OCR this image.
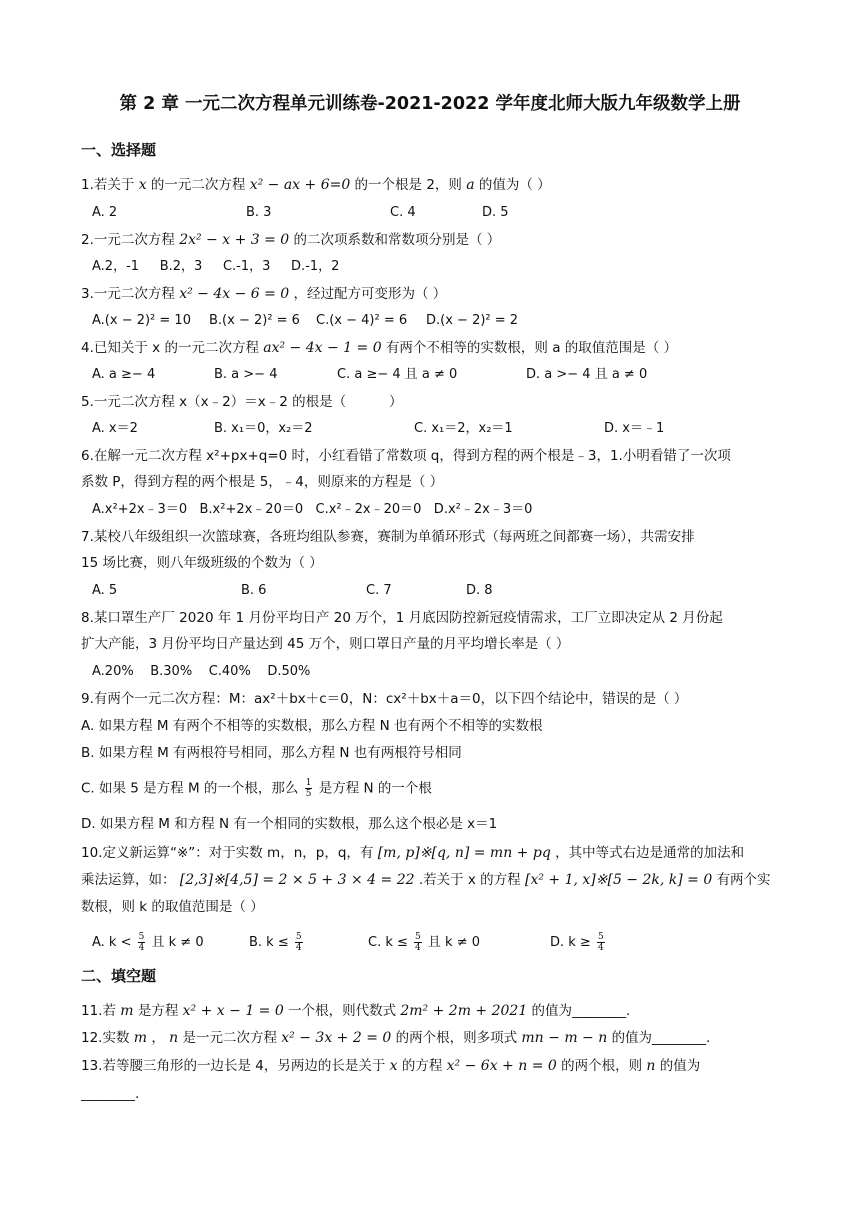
第 2 章 一元二次方程单元训练卷-2021-2022 学年度北师大版九年级数学上册
一、选择题
1.若关于 x 的一元二次方程 x² − ax + 6=0 的一个根是 2，则 a 的值为（ ）
A. 2	B. 3	C. 4	D. 5
2.一元二次方程 2x² − x + 3 = 0 的二次项系数和常数项分别是（ ）
A.2，-1     B.2，3     C.-1，3     D.-1，2
3.一元二次方程 x² − 4x − 6 = 0 ，经过配方可变形为（ ）
A.(x − 2)² = 10 B.(x − 2)² = 6 C.(x − 4)² = 6 D.(x − 2)² = 2
4.已知关于 x 的一元二次方程 ax² − 4x − 1 = 0 有两个不相等的实数根，则 a 的取值范围是（ ）
A. a ≥− 4	B. a >− 4	C. a ≥− 4 且 a ≠ 0	D. a >− 4 且 a ≠ 0
5.一元二次方程 x（x﹣2）＝x﹣2 的根是（          ）
A. x＝2	B. x₁＝0，x₂＝2	C. x₁＝2，x₂＝1	D. x＝﹣1
6.在解一元二次方程 x²+px+q=0 时，小红看错了常数项 q，得到方程的两个根是﹣3，1.小明看错了一次项
系数 P，得到方程的两个根是 5，﹣4，则原来的方程是（ ）
A.x²+2x﹣3＝0   B.x²+2x﹣20＝0   C.x²﹣2x﹣20＝0   D.x²﹣2x﹣3＝0
7.某校八年级组织一次篮球赛，各班均组队参赛，赛制为单循环形式（每两班之间都赛一场），共需安排
15 场比赛，则八年级班级的个数为（ ）
A. 5	B. 6	C. 7	D. 8
8.某口罩生产厂 2020 年 1 月份平均日产 20 万个，1 月底因防控新冠疫情需求，工厂立即决定从 2 月份起
扩大产能，3 月份平均日产量达到 45 万个，则口罩日产量的月平均增长率是（ ）
A.20%    B.30%    C.40%    D.50%
9.有两个一元二次方程：M：ax²＋bx＋c＝0，N：cx²＋bx＋a＝0，以下四个结论中，错误的是（ ）
A. 如果方程 M 有两个不相等的实数根，那么方程 N 也有两个不相等的实数根
B. 如果方程 M 有两根符号相同，那么方程 N 也有两根符号相同
C. 如果 5 是方程 M 的一个根，那么 $\frac{1}{5}$ 是方程 N 的一个根
D. 如果方程 M 和方程 N 有一个相同的实数根，那么这个根必是 x＝1
10.定义新运算“※”：对于实数 m，n，p，q，有 [m, p]※[q, n] = mn + pq ，其中等式右边是通常的加法和
乘法运算，如： [2,3]※[4,5] = 2 × 5 + 3 × 4 = 22 .若关于 x 的方程 [x² + 1, x]※[5 − 2k, k] = 0 有两个实
数根，则 k 的取值范围是（ ）
A. $k < \frac{5}{4}$ 且 k ≠ 0	B. $k \le \frac{5}{4}$	C. $k \le \frac{5}{4}$ 且 k ≠ 0	D. $k \ge \frac{5}{4}$
二、填空题
11.若 m 是方程 x² + x − 1 = 0 一个根，则代数式 2m² + 2m + 2021 的值为________.
12.实数 m ， n 是一元二次方程 x² − 3x + 2 = 0 的两个根，则多项式 mn − m − n 的值为________.
13.若等腰三角形的一边长是 4，另两边的长是关于 x 的方程 x² − 6x + n = 0 的两个根，则 n 的值为
________.
